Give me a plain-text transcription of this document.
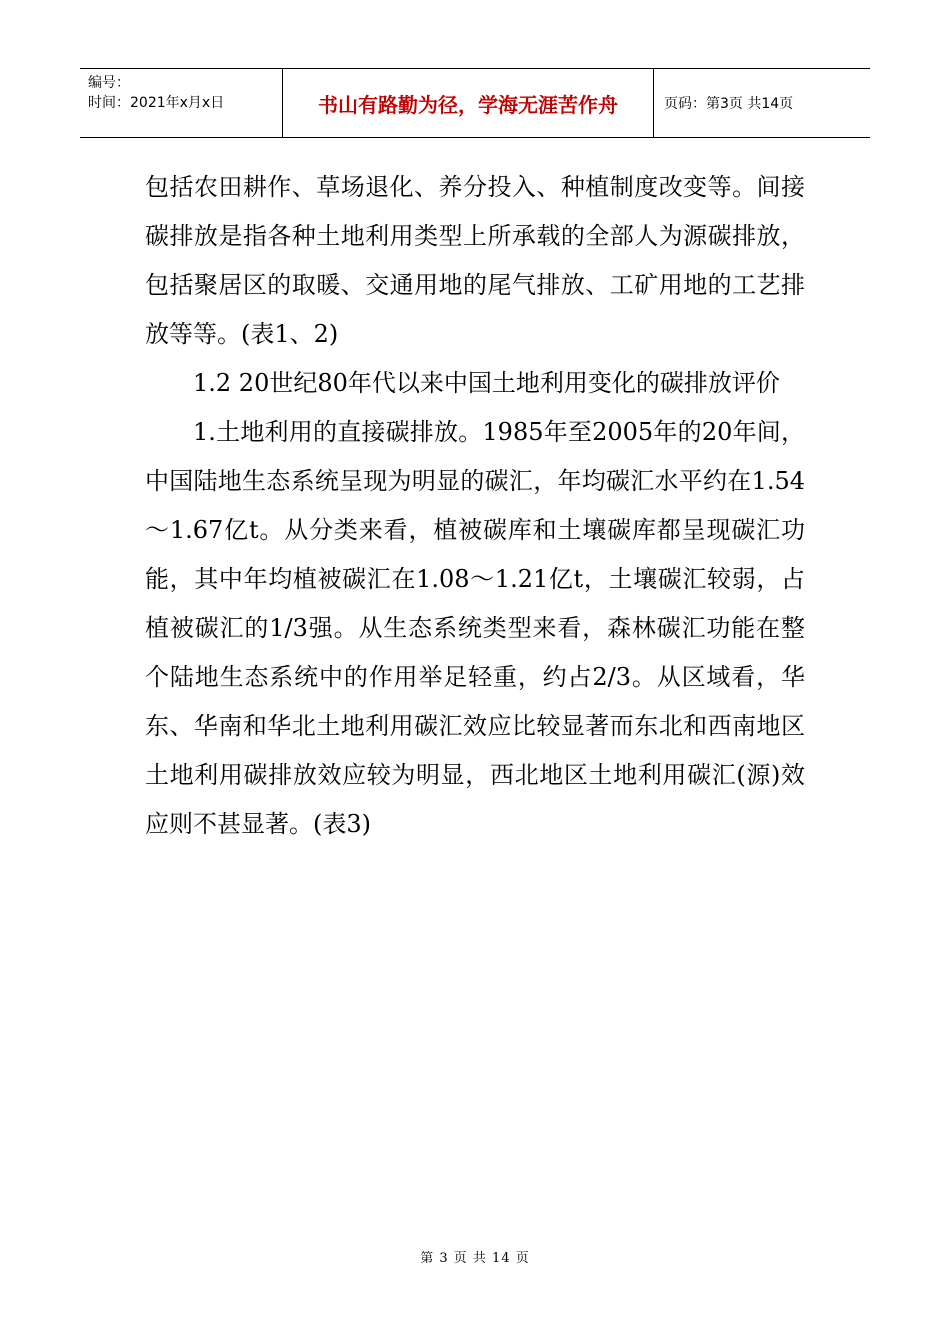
编号：
时间：2021年x月x日	书山有路勤为径，学海无涯苦作舟	页码：第3页 共14页

包括农田耕作、草场退化、养分投入、种植制度改变等。间接碳排放是指各种土地利用类型上所承载的全部人为源碳排放，包括聚居区的取暖、交通用地的尾气排放、工矿用地的工艺排放等等。(表1、2)

1.2 20世纪80年代以来中国土地利用变化的碳排放评价

1.土地利用的直接碳排放。1985年至2005年的20年间，中国陆地生态系统呈现为明显的碳汇，年均碳汇水平约在1.54～1.67亿t。从分类来看，植被碳库和土壤碳库都呈现碳汇功能，其中年均植被碳汇在1.08～1.21亿t，土壤碳汇较弱，占植被碳汇的1/3强。从生态系统类型来看，森林碳汇功能在整个陆地生态系统中的作用举足轻重，约占2/3。从区域看，华东、华南和华北土地利用碳汇效应比较显著而东北和西南地区土地利用碳排放效应较为明显，西北地区土地利用碳汇(源)效应则不甚显著。(表3)

第 3 页 共 14 页
